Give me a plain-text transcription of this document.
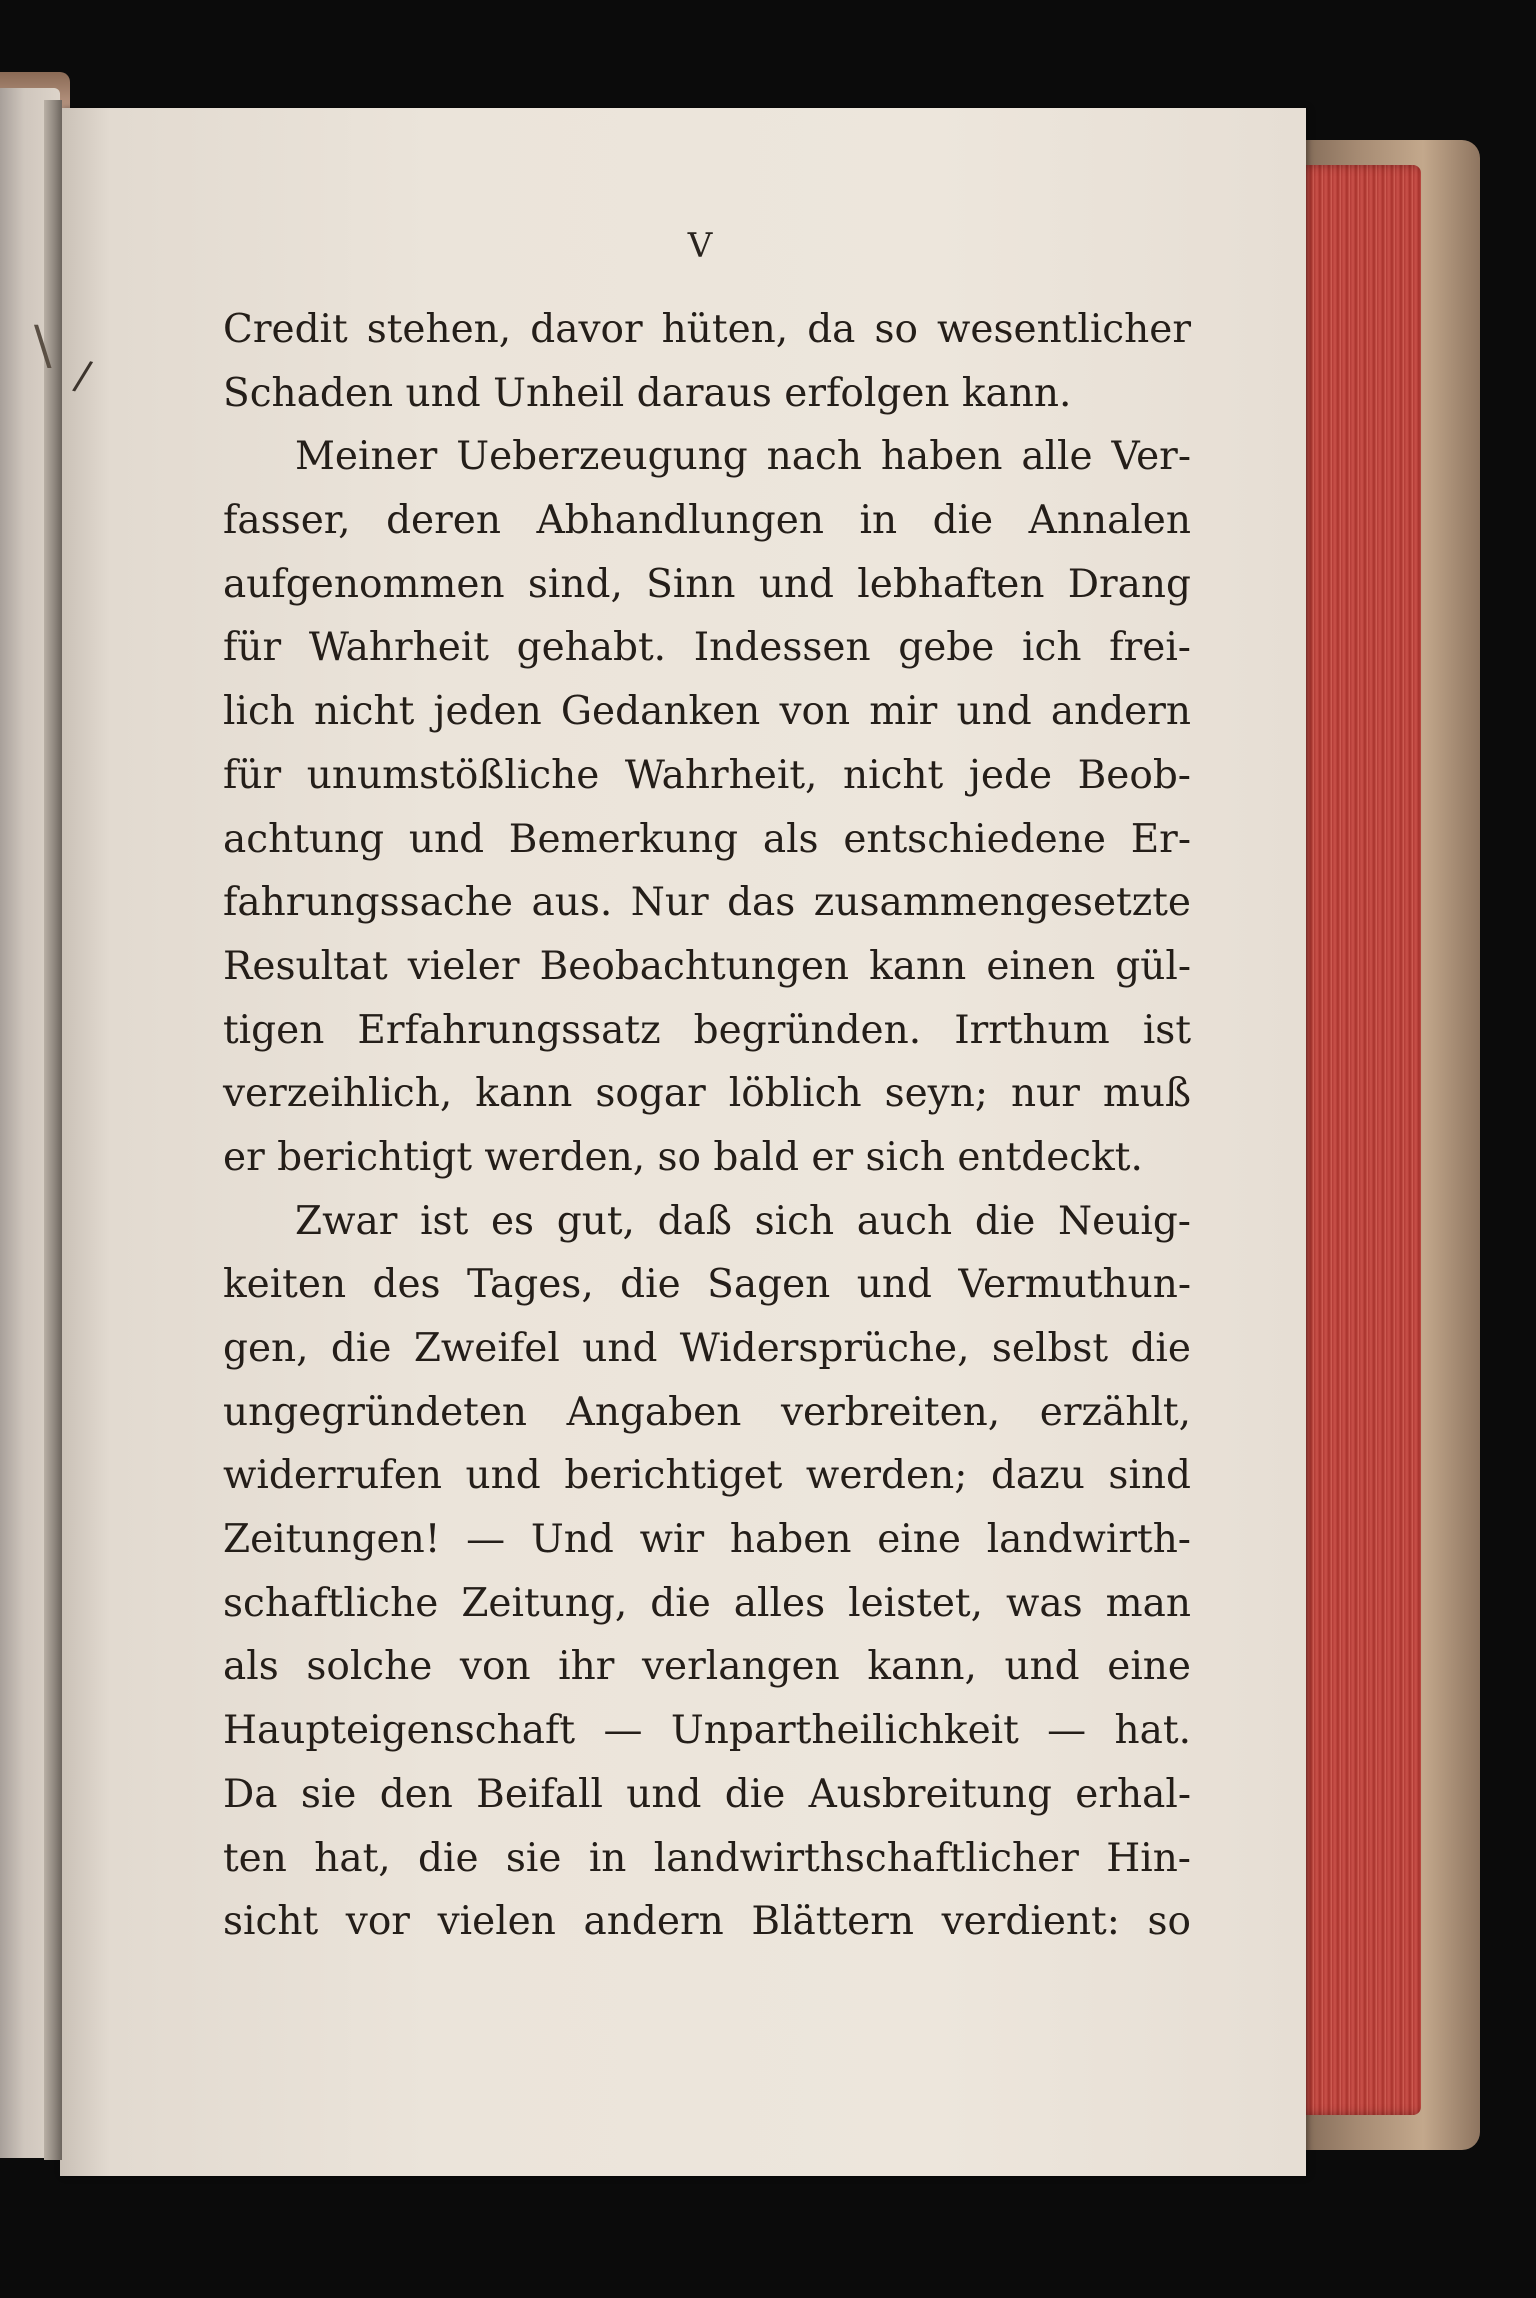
V
Credit stehen, davor hüten, da so wesentlicher
Schaden und Unheil daraus erfolgen kann.
Meiner Ueberzeugung nach haben alle Ver-
fasser, deren Abhandlungen in die Annalen
aufgenommen sind, Sinn und lebhaften Drang
für Wahrheit gehabt. Indessen gebe ich frei-
lich nicht jeden Gedanken von mir und andern
für unumstößliche Wahrheit, nicht jede Beob-
achtung und Bemerkung als entschiedene Er-
fahrungssache aus. Nur das zusammengesetzte
Resultat vieler Beobachtungen kann einen gül-
tigen Erfahrungssatz begründen. Irrthum ist
verzeihlich, kann sogar löblich seyn; nur muß
er berichtigt werden, so bald er sich entdeckt.
Zwar ist es gut, daß sich auch die Neuig-
keiten des Tages, die Sagen und Vermuthun-
gen, die Zweifel und Widersprüche, selbst die
ungegründeten Angaben verbreiten, erzählt,
widerrufen und berichtiget werden; dazu sind
Zeitungen! — Und wir haben eine landwirth-
schaftliche Zeitung, die alles leistet, was man
als solche von ihr verlangen kann, und eine
Haupteigenschaft — Unpartheilichkeit — hat.
Da sie den Beifall und die Ausbreitung erhal-
ten hat, die sie in landwirthschaftlicher Hin-
sicht vor vielen andern Blättern verdient: so
\ /
